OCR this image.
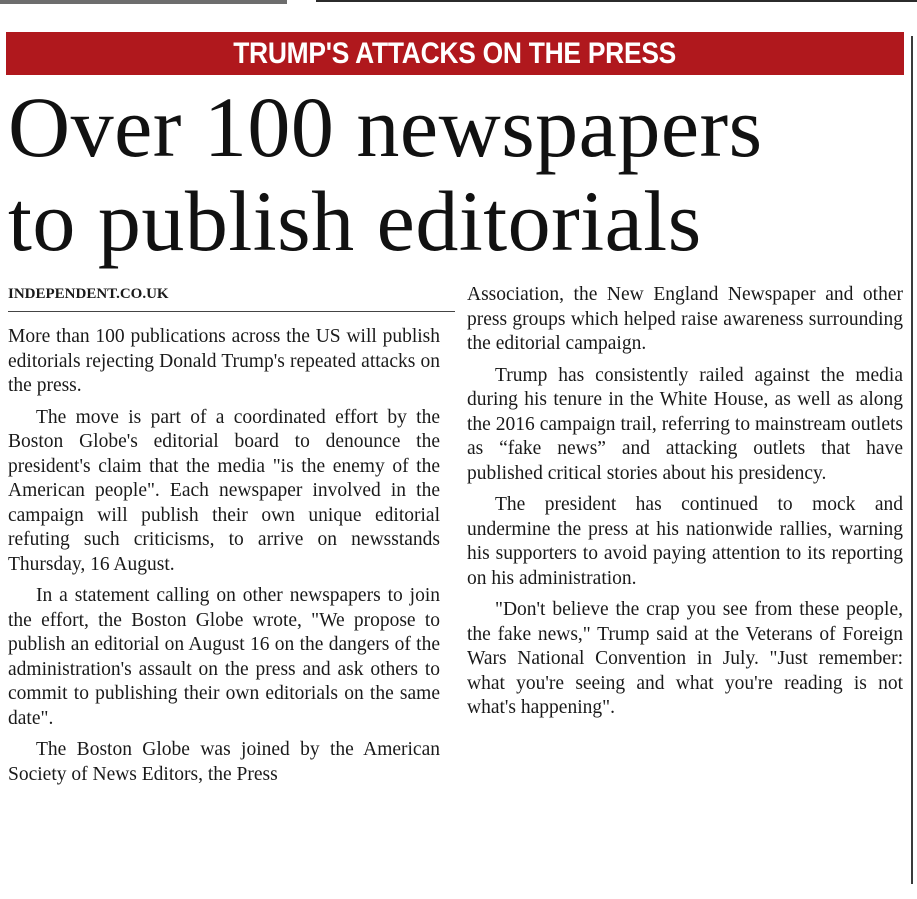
TRUMP'S ATTACKS ON THE PRESS
Over 100 newspapers
to publish editorials
INDEPENDENT.CO.UK

More than 100 publications across the US will publish editorials rejecting Donald Trump's repeated attacks on the press.

The move is part of a coordinated effort by the Boston Globe's editorial board to denounce the president's claim that the media "is the enemy of the American people". Each newspaper involved in the campaign will publish their own unique editorial refuting such criticisms, to arrive on newsstands Thursday, 16 August.

In a statement calling on other newspapers to join the effort, the Boston Globe wrote, "We propose to publish an editorial on August 16 on the dangers of the administration's assault on the press and ask others to commit to publishing their own editorials on the same date".

The Boston Globe was joined by the American Society of News Editors, the Press

Association, the New England Newspaper and other press groups which helped raise awareness surrounding the editorial campaign.

Trump has consistently railed against the media during his tenure in the White House, as well as along the 2016 campaign trail, referring to mainstream outlets as “fake news” and attacking outlets that have published critical stories about his presidency.

The president has continued to mock and undermine the press at his nationwide rallies, warning his supporters to avoid paying attention to its reporting on his administration.

"Don't believe the crap you see from these people, the fake news," Trump said at the Veterans of Foreign Wars National Convention in July. "Just remember: what you're seeing and what you're reading is not what's happening".
